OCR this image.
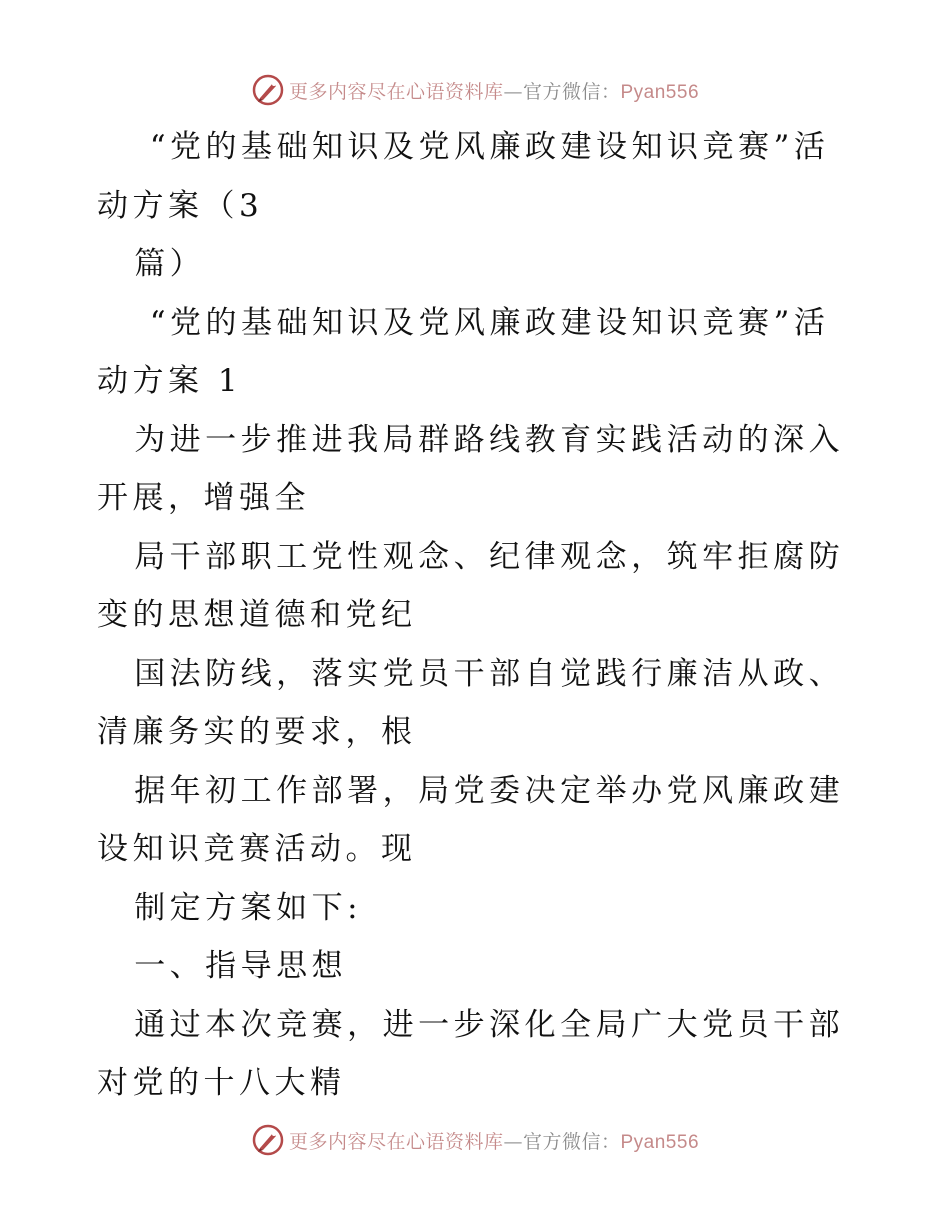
更多内容尽在心语资料库—官方微信：Pyan556

“党的基础知识及党风廉政建设知识竞赛”活动方案（3

篇）

“党的基础知识及党风廉政建设知识竞赛”活动方案 1

为进一步推进我局群路线教育实践活动的深入开展，增强全

局干部职工党性观念、纪律观念，筑牢拒腐防变的思想道德和党纪

国法防线，落实党员干部自觉践行廉洁从政、清廉务实的要求，根

据年初工作部署，局党委决定举办党风廉政建设知识竞赛活动。现

制定方案如下:

一、指导思想

通过本次竞赛，进一步深化全局广大党员干部对党的十八大精

更多内容尽在心语资料库—官方微信：Pyan556
